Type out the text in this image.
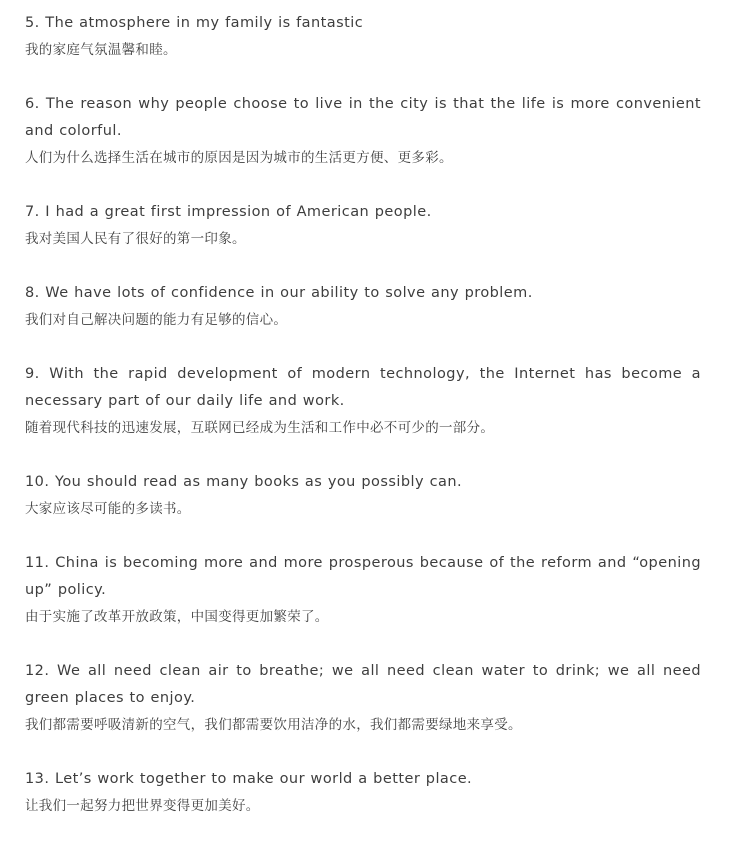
5. The atmosphere in my family is fantastic

我的家庭气氛温馨和睦。

6. The reason why people choose to live in the city is that the life is more convenient and colorful.

人们为什么选择生活在城市的原因是因为城市的生活更方便、更多彩。

7. I had a great first impression of American people.

我对美国人民有了很好的第一印象。

8. We have lots of confidence in our ability to solve any problem.

我们对自己解决问题的能力有足够的信心。

9. With the rapid development of modern technology, the Internet has become a necessary part of our daily life and work.

随着现代科技的迅速发展，互联网已经成为生活和工作中必不可少的一部分。

10. You should read as many books as you possibly can.

大家应该尽可能的多读书。

11. China is becoming more and more prosperous because of the reform and “opening up” policy.

由于实施了改革开放政策，中国变得更加繁荣了。

12. We all need clean air to breathe; we all need clean water to drink; we all need green places to enjoy.

我们都需要呼吸清新的空气，我们都需要饮用洁净的水，我们都需要绿地来享受。

13. Let’s work together to make our world a better place.

让我们一起努力把世界变得更加美好。
